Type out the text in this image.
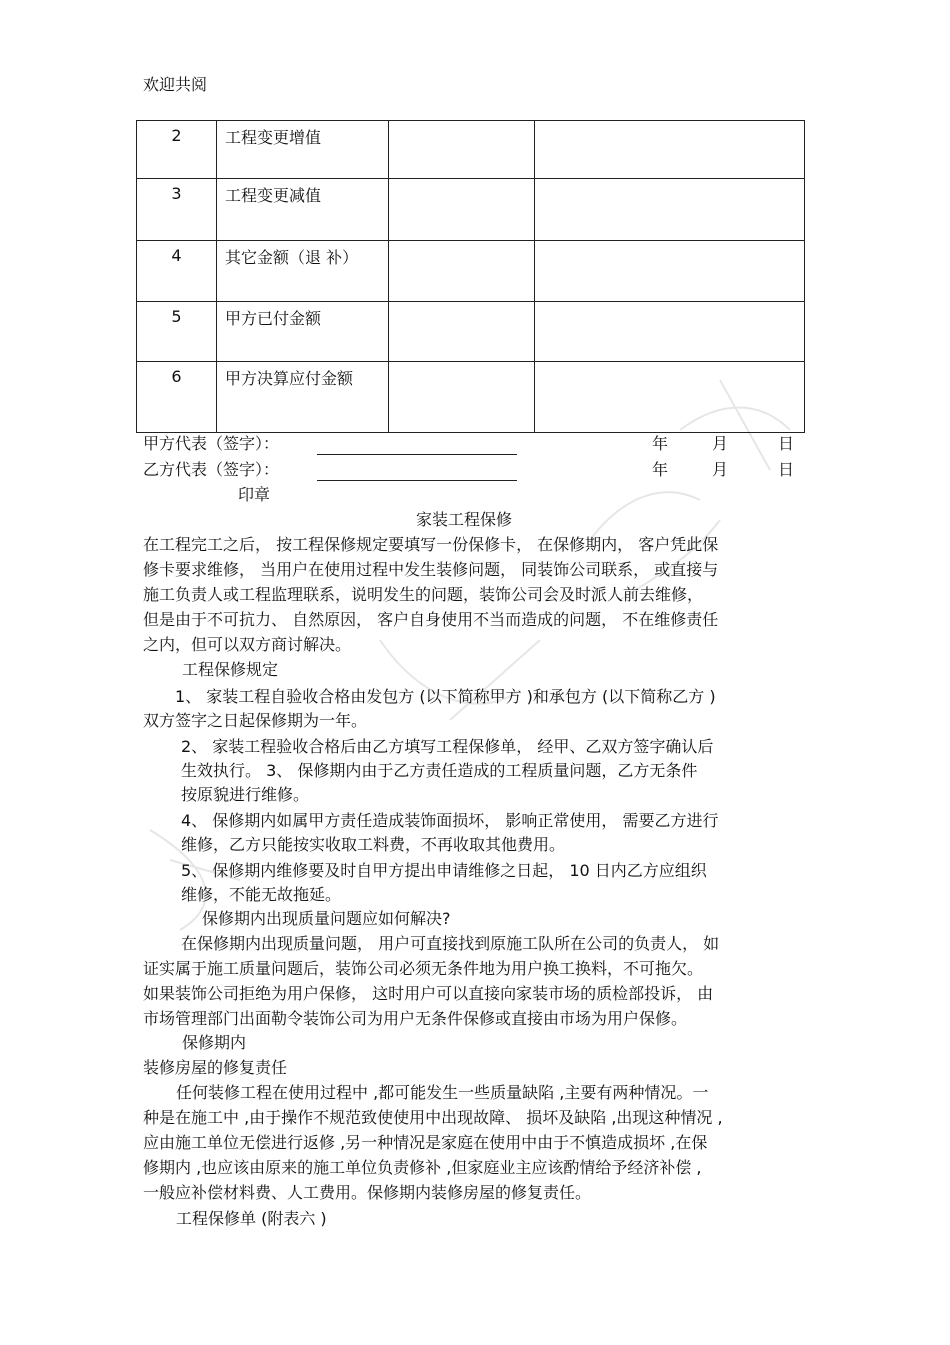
欢迎共阅
2	工程变更增值		
3	工程变更减值		
4	其它金额（退 补）		
5	甲方已付金额		
6	甲方决算应付金额		
甲方代表（签字）：	年	月	日
乙方代表（签字）：	年	月	日
印章
家装工程保修
在工程完工之后， 按工程保修规定要填写一份保修卡， 在保修期内， 客户凭此保
修卡要求维修， 当用户在使用过程中发生装修问题， 同装饰公司联系， 或直接与
施工负责人或工程监理联系，说明发生的问题，装饰公司会及时派人前去维修，
但是由于不可抗力、 自然原因， 客户自身使用不当而造成的问题， 不在维修责任
之内，但可以双方商讨解决。
工程保修规定
1、 家装工程自验收合格由发包方 (以下简称甲方 )和承包方 (以下简称乙方 )
双方签字之日起保修期为一年。
2、 家装工程验收合格后由乙方填写工程保修单， 经甲、乙双方签字确认后
生效执行。 3、 保修期内由于乙方责任造成的工程质量问题，乙方无条件
按原貌进行维修。
4、 保修期内如属甲方责任造成装饰面损坏， 影响正常使用， 需要乙方进行
维修，乙方只能按实收取工料费，不再收取其他费用。
5、 保修期内维修要及时自甲方提出申请维修之日起， 10 日内乙方应组织
维修，不能无故拖延。
保修期内出现质量问题应如何解决?
在保修期内出现质量问题， 用户可直接找到原施工队所在公司的负责人， 如
证实属于施工质量问题后，装饰公司必须无条件地为用户换工换料，不可拖欠。
如果装饰公司拒绝为用户保修， 这时用户可以直接向家装市场的质检部投诉， 由
市场管理部门出面勒令装饰公司为用户无条件保修或直接由市场为用户保修。
保修期内
装修房屋的修复责任
任何装修工程在使用过程中 ,都可能发生一些质量缺陷 ,主要有两种情况。一
种是在施工中 ,由于操作不规范致使使用中出现故障、 损坏及缺陷 ,出现这种情况 ,
应由施工单位无偿进行返修 ,另一种情况是家庭在使用中由于不慎造成损坏 ,在保
修期内 ,也应该由原来的施工单位负责修补 ,但家庭业主应该酌情给予经济补偿 ,
一般应补偿材料费、人工费用。保修期内装修房屋的修复责任。
工程保修单 (附表六 )
